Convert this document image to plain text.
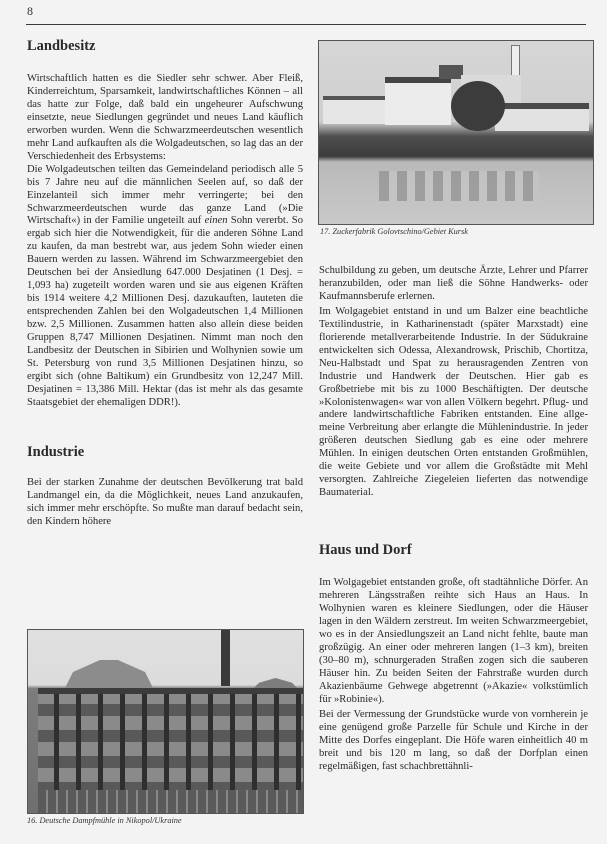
8
Landbesitz

Wirtschaftlich hatten es die Siedler sehr schwer. Aber Fleiß, Kinderreichtum, Sparsamkeit, landwirtschaftliches Können – all das hatte zur Folge, daß bald ein ungeheurer Aufschwung einsetzte, neue Siedlungen gegründet und neues Land käuflich erworben wurden. Wenn die Schwarzmeerdeutschen wesentlich mehr Land aufkauften als die Wolgadeutschen, so lag das an der Verschiedenheit des Erbsystems:

Die Wolgadeutschen teilten das Gemeindeland periodisch alle 5 bis 7 Jahre neu auf die männlichen Seelen auf, so daß der Einzelanteil sich immer mehr verringerte; bei den Schwarzmeerdeutschen wurde das ganze Land (»Die Wirtschaft«) in der Familie ungeteilt auf einen Sohn vererbt. So ergab sich hier die Notwendigkeit, für die anderen Söhne Land zu kaufen, da man bestrebt war, aus jedem Sohn wieder einen Bauern werden zu lassen. Während im Schwarzmeergebiet den Deutschen bei der Ansiedlung 647.000 Desjatinen (1 Desj. = 1,093 ha) zugeteilt worden waren und sie aus eigenen Kräften bis 1914 weitere 4,2 Millionen Desj. dazukauften, lauteten die entsprechenden Zahlen bei den Wolgadeutschen 1,4 Millionen bzw. 2,5 Millionen. Zusammen hatten also allein diese beiden Gruppen 8,747 Millionen Desjatinen. Nimmt man noch den Landbesitz der Deutschen in Sibirien und Wolhynien sowie um St. Petersburg von rund 3,5 Millionen Desjatinen hinzu, so ergibt sich (ohne Baltikum) ein Grundbesitz von 12,247 Mill. Desjatinen = 13,386 Mill. Hektar (das ist mehr als das gesamte Staatsgebiet der ehemaligen DDR!).

Industrie

Bei der starken Zunahme der deutschen Bevölkerung trat bald Landmangel ein, da die Möglichkeit, neues Land anzukaufen, sich immer mehr erschöpfte. So mußte man darauf bedacht sein, den Kindern höhere

16. Deutsche Dampfmühle in Nikopol/Ukraine
17. Zuckerfabrik Golovtschino/Gebiet Kursk

Schulbildung zu geben, um deutsche Ärzte, Lehrer und Pfarrer heranzubilden, oder man ließ die Söhne Handwerks- oder Kaufmannsberufe erlernen.

Im Wolgagebiet entstand in und um Balzer eine beachtliche Textilindustrie, in Katharinenstadt (später Marxstadt) eine florierende metallverarbeitende Industrie. In der Südukraine entwickelten sich Odessa, Alexandrowsk, Prischib, Chortitza, Neu-Halbstadt und Spat zu herausragenden Zentren von Industrie und Handwerk der Deutschen. Hier gab es Großbetriebe mit bis zu 1000 Beschäftigten. Der deutsche »Kolonistenwagen« war von allen Völkern begehrt. Pflug- und andere landwirtschaftliche Fabriken entstanden. Eine allgemeine Verbreitung aber erlangte die Mühlenindustrie. In jeder größeren deutschen Siedlung gab es eine oder mehrere Mühlen. In einigen deutschen Orten entstanden Großmühlen, die weite Gebiete und vor allem die Großstädte mit Mehl versorgten. Zahlreiche Ziegeleien lieferten das notwendige Baumaterial.

Haus und Dorf

Im Wolgagebiet entstanden große, oft stadtähnliche Dörfer. An mehreren Längsstraßen reihte sich Haus an Haus. In Wolhynien waren es kleinere Siedlungen, oder die Häuser lagen in den Wäldern zerstreut. Im weiten Schwarzmeergebiet, wo es in der Ansiedlungszeit an Land nicht fehlte, baute man großzügig. An einer oder mehreren langen (1–3 km), breiten (30–80 m), schnurgeraden Straßen zogen sich die sauberen Häuser hin. Zu beiden Seiten der Fahrstraße wurden durch Akazienbäume Gehwege abgetrennt (»Akazie« volkstümlich für »Robinie«).

Bei der Vermessung der Grundstücke wurde von vornherein je eine genügend große Parzelle für Schule und Kirche in der Mitte des Dorfes eingeplant. Die Höfe waren einheitlich 40 m breit und bis 120 m lang, so daß der Dorfplan einen regelmäßigen, fast schachbrettähnli-
